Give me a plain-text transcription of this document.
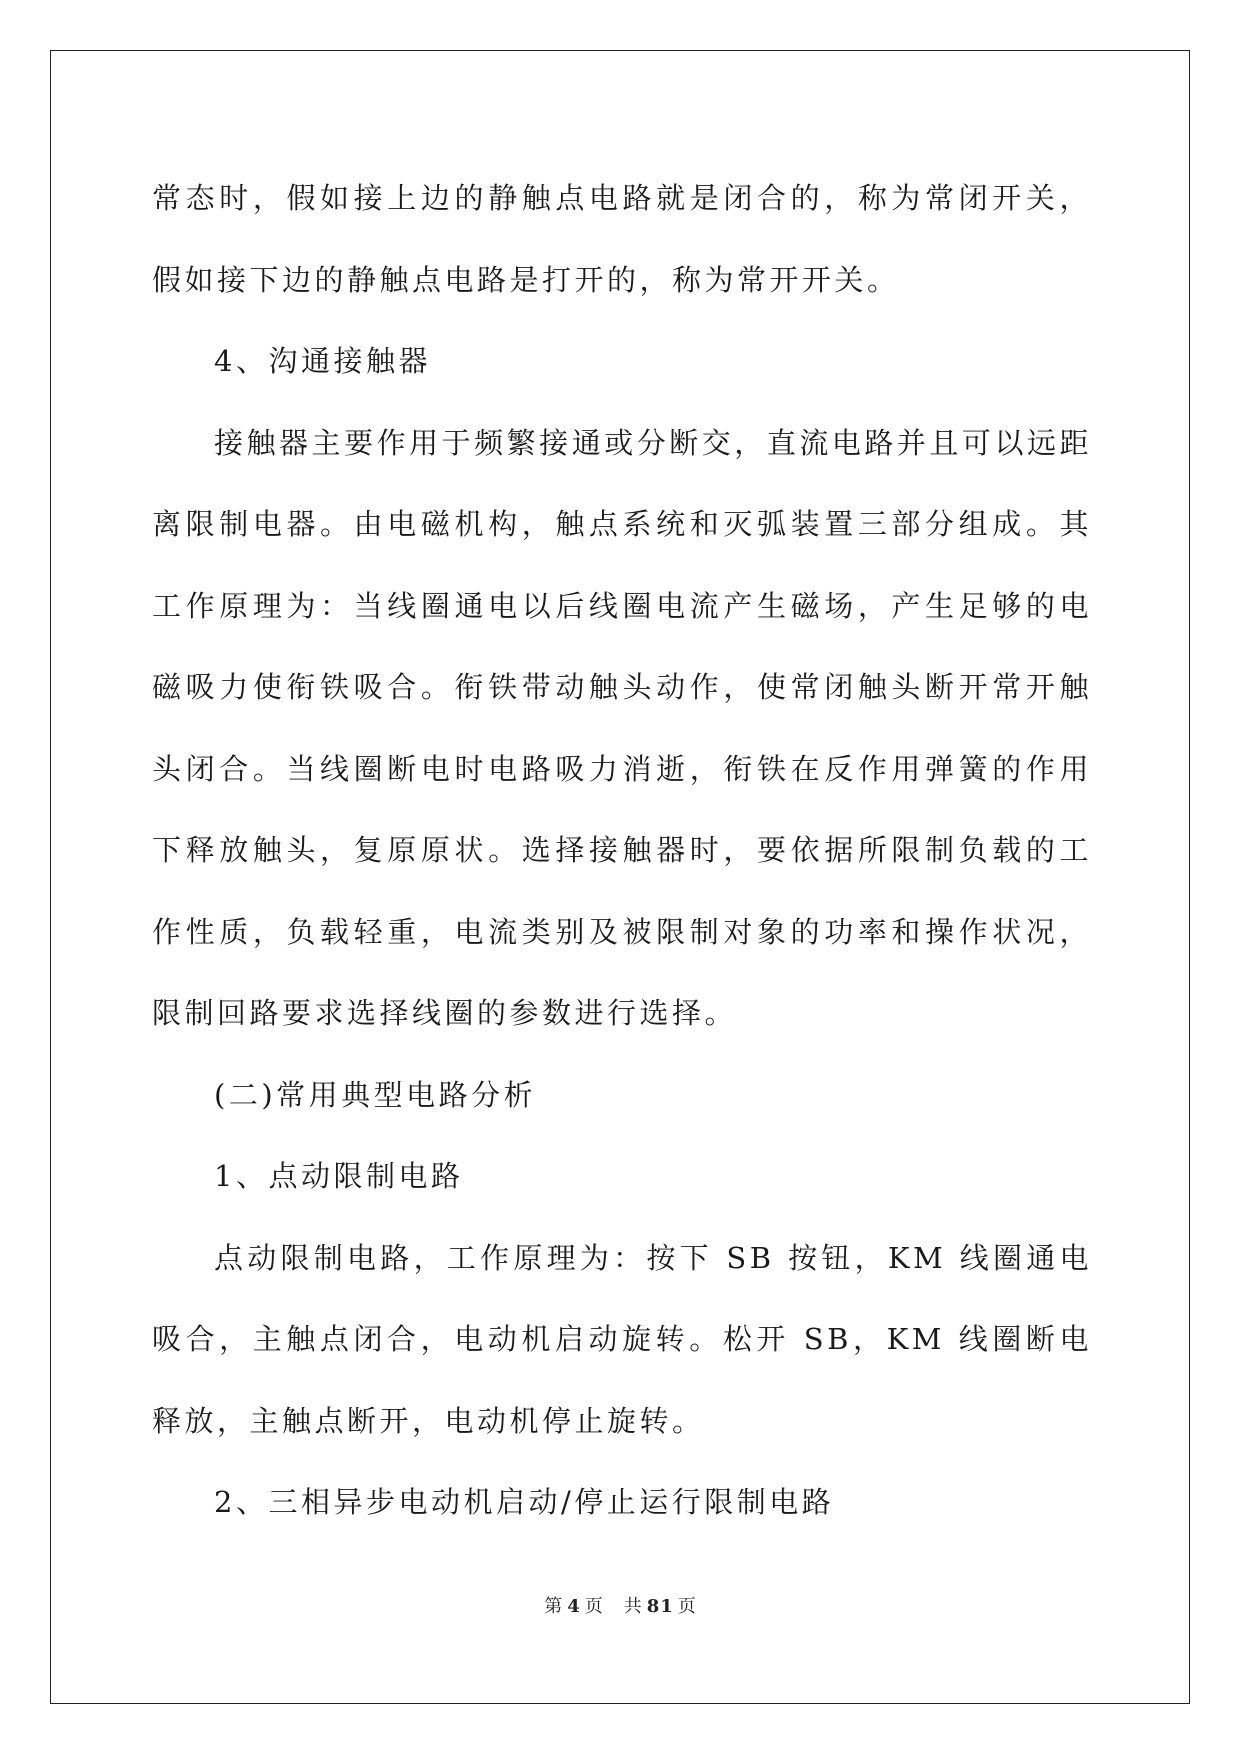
常态时，假如接上边的静触点电路就是闭合的，称为常闭开关，假如接下边的静触点电路是打开的，称为常开开关。

4、沟通接触器

接触器主要作用于频繁接通或分断交，直流电路并且可以远距离限制电器。由电磁机构，触点系统和灭弧装置三部分组成。其工作原理为：当线圈通电以后线圈电流产生磁场，产生足够的电磁吸力使衔铁吸合。衔铁带动触头动作，使常闭触头断开常开触头闭合。当线圈断电时电路吸力消逝，衔铁在反作用弹簧的作用下释放触头，复原原状。选择接触器时，要依据所限制负载的工作性质，负载轻重，电流类别及被限制对象的功率和操作状况，限制回路要求选择线圈的参数进行选择。

(二)常用典型电路分析

1、点动限制电路

点动限制电路，工作原理为：按下 SB 按钮，KM 线圈通电吸合，主触点闭合，电动机启动旋转。松开 SB，KM 线圈断电释放，主触点断开，电动机停止旋转。

2、三相异步电动机启动/停止运行限制电路

第 4 页 共 81 页
